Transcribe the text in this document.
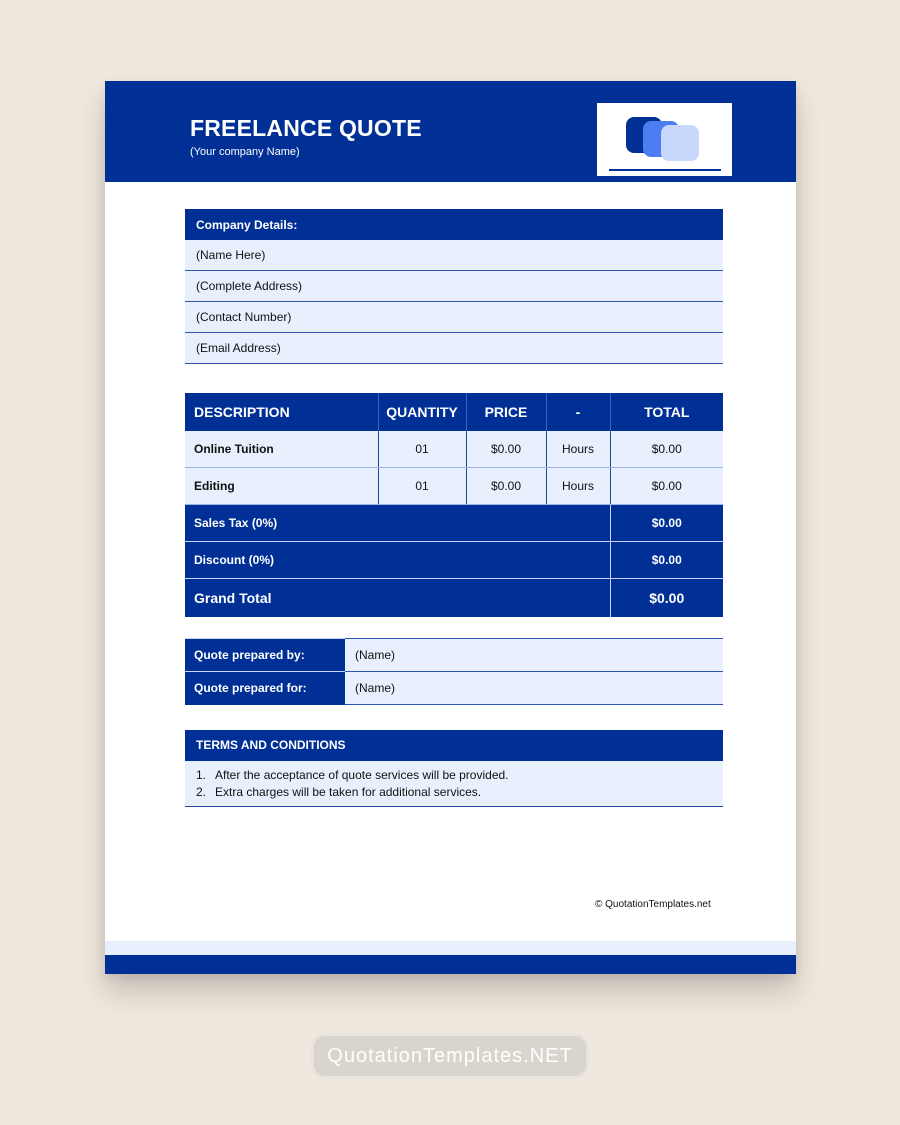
FREELANCE QUOTE
(Your company Name)
Company Details:
(Name Here)
(Complete Address)
(Contact Number)
(Email Address)
DESCRIPTION	QUANTITY	PRICE	-	TOTAL
Online Tuition	01	$0.00	Hours	$0.00
Editing	01	$0.00	Hours	$0.00
Sales Tax (0%)				$0.00
Discount (0%)				$0.00
Grand Total				$0.00
Quote prepared by:	(Name)
Quote prepared for:	(Name)
TERMS AND CONDITIONS
1. After the acceptance of quote services will be provided.
2. Extra charges will be taken for additional services.
© QuotationTemplates.net
QuotationTemplates.NET
